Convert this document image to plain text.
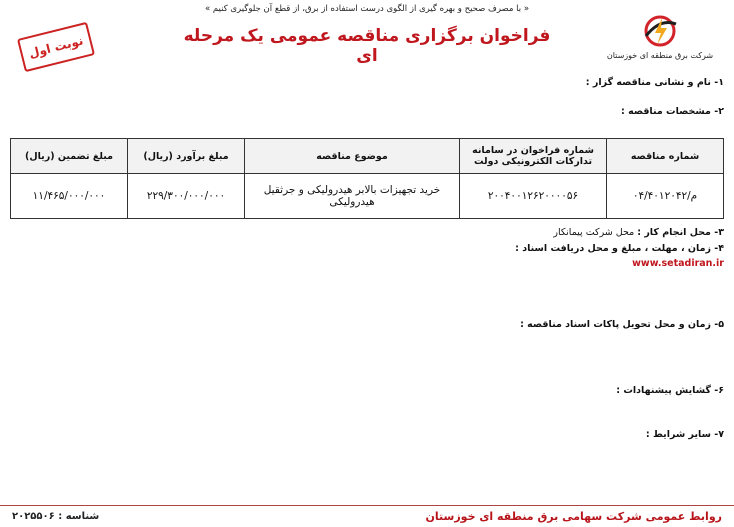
« با مصرف صحیح و بهره گیری از الگوی درست استفاده از برق، از قطع آن جلوگیری کنیم »
شرکت برق منطقه ای خوزستان
فراخوان برگزاری مناقصه عمومی یک مرحله ای
نوبت اول

۱- نام و نشانی مناقصه گزار :

۲- مشخصات مناقصه :

شماره مناقصه	شماره فراخوان در سامانه تدارکات الکترونیکی دولت	موضوع مناقصه	مبلغ برآورد (ریال)	مبلغ تضمین (ریال)
م/۰۴/۴۰۱۲۰۴۲	۲۰۰۴۰۰۱۲۶۲۰۰۰۰۵۶	خرید تجهیزات بالابر هیدرولیکی و جرثقیل هیدرولیکی	۲۲۹/۳۰۰/۰۰۰/۰۰۰	۱۱/۴۶۵/۰۰۰/۰۰۰
۳- محل انجام کار : محل شرکت پیمانکار

۴- زمان ، مهلت ، مبلغ و محل دریافت اسناد :

www.setadiran.ir

۵- زمان و محل تحویل پاکات اسناد مناقصه :

۶- گشایش پیشنهادات :

۷- سایر شرایط :

روابط عمومی شرکت سهامی برق منطقه ای خوزستان
شناسه : ۲۰۲۵۵۰۶
